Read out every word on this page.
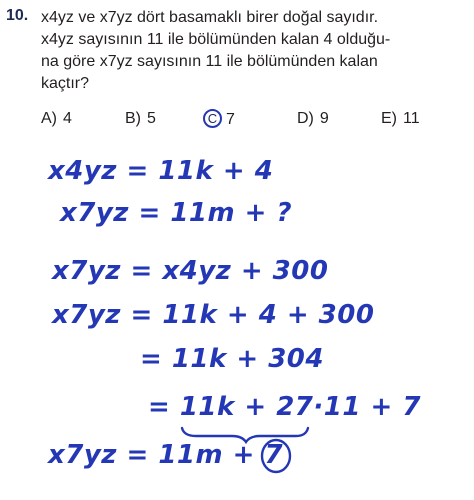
10. x4yz ve x7yz dört basamaklı birer doğal sayıdır.
x4yz sayısının 11 ile bölümünden kalan 4 olduğu-
na göre x7yz sayısının 11 ile bölümünden kalan
kaçtır?
A) 4	B) 5	C 7	D) 9	E) 11
x4yz = 11k + 4
x7yz = 11m + ?
x7yz = x4yz + 300
x7yz = 11k + 4 + 300
= 11k + 304
= 11k + 27·11 + 7
x7yz = 11m + 7
